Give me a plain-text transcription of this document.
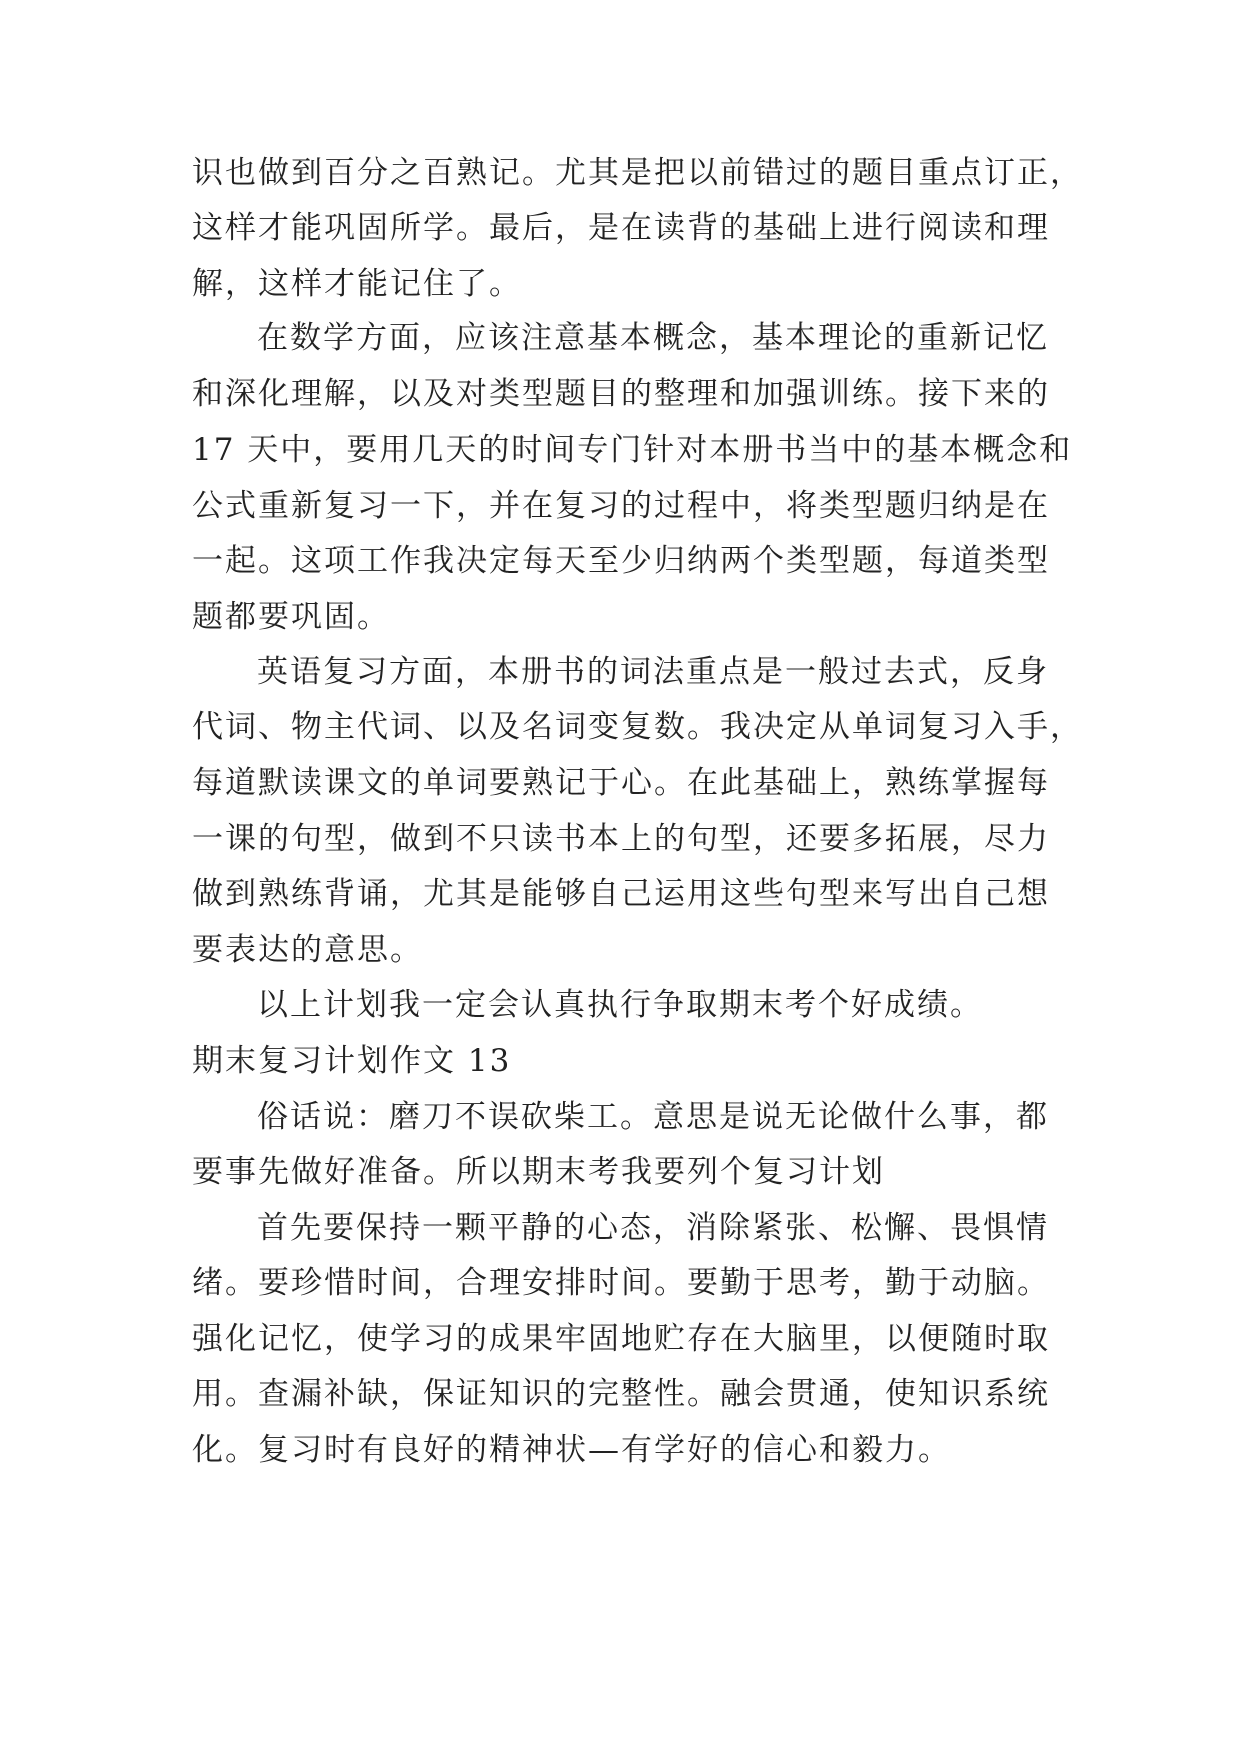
识也做到百分之百熟记。尤其是把以前错过的题目重点订正，
这样才能巩固所学。最后，是在读背的基础上进行阅读和理
解，这样才能记住了。
在数学方面，应该注意基本概念，基本理论的重新记忆
和深化理解，以及对类型题目的整理和加强训练。接下来的
17 天中，要用几天的时间专门针对本册书当中的基本概念和
公式重新复习一下，并在复习的过程中，将类型题归纳是在
一起。这项工作我决定每天至少归纳两个类型题，每道类型
题都要巩固。
英语复习方面，本册书的词法重点是一般过去式，反身
代词、物主代词、以及名词变复数。我决定从单词复习入手，
每道默读课文的单词要熟记于心。在此基础上，熟练掌握每
一课的句型，做到不只读书本上的句型，还要多拓展，尽力
做到熟练背诵，尤其是能够自己运用这些句型来写出自己想
要表达的意思。
以上计划我一定会认真执行争取期末考个好成绩。
期末复习计划作文 13
俗话说：磨刀不误砍柴工。意思是说无论做什么事，都
要事先做好准备。所以期末考我要列个复习计划
首先要保持一颗平静的心态，消除紧张、松懈、畏惧情
绪。要珍惜时间，合理安排时间。要勤于思考，勤于动脑。
强化记忆，使学习的成果牢固地贮存在大脑里，以便随时取
用。查漏补缺，保证知识的完整性。融会贯通，使知识系统
化。复习时有良好的精神状—有学好的信心和毅力。
